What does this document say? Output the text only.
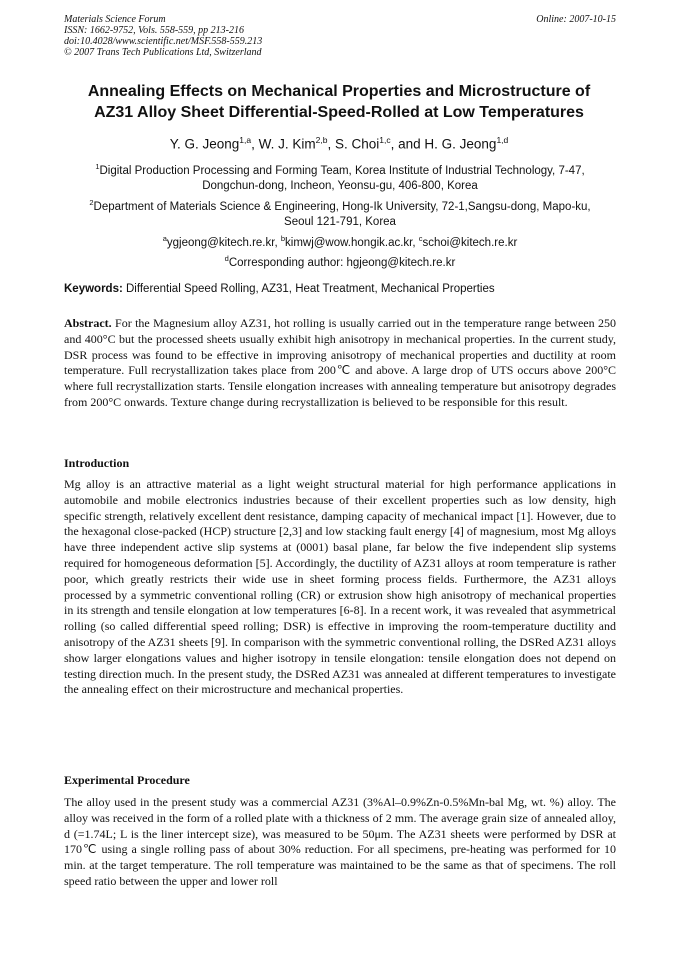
Materials Science Forum	Online: 2007-10-15
ISSN: 1662-9752, Vols. 558-559, pp 213-216
doi:10.4028/www.scientific.net/MSF.558-559.213
© 2007 Trans Tech Publications Ltd, Switzerland
Annealing Effects on Mechanical Properties and Microstructure of
AZ31 Alloy Sheet Differential-Speed-Rolled at Low Temperatures
Y. G. Jeong$^{1,a}$, W. J. Kim$^{2,b}$, S. Choi$^{1,c}$, and H. G. Jeong$^{1,d}$
$^1$Digital Production Processing and Forming Team, Korea Institute of Industrial Technology, 7-47,
Dongchun-dong, Incheon, Yeonsu-gu, 406-800, Korea
$^2$Department of Materials Science & Engineering, Hong-Ik University, 72-1,Sangsu-dong, Mapo-ku,
Seoul 121-791, Korea
$^a$ygjeong@kitech.re.kr, $^b$kimwj@wow.hongik.ac.kr, $^c$schoi@kitech.re.kr
$^d$Corresponding author: hgjeong@kitech.re.kr
Keywords: Differential Speed Rolling, AZ31, Heat Treatment, Mechanical Properties
Abstract. For the Magnesium alloy AZ31, hot rolling is usually carried out in the temperature range between 250 and 400°C but the processed sheets usually exhibit high anisotropy in mechanical properties. In the current study, DSR process was found to be effective in improving anisotropy of mechanical properties and ductility at room temperature. Full recrystallization takes place from 200℃ and above. A large drop of UTS occurs above 200°C where full recrystallization starts. Tensile elongation increases with annealing temperature but anisotropy degrades from 200°C onwards. Texture change during recrystallization is believed to be responsible for this result.
Introduction
Mg alloy is an attractive material as a light weight structural material for high performance applications in automobile and mobile electronics industries because of their excellent properties such as low density, high specific strength, relatively excellent dent resistance, damping capacity of mechanical impact [1]. However, due to the hexagonal close-packed (HCP) structure [2,3] and low stacking fault energy [4] of magnesium, most Mg alloys have three independent active slip systems at (0001) basal plane, far below the five independent slip systems required for homogeneous deformation [5]. Accordingly, the ductility of AZ31 alloys at room temperature is rather poor, which greatly restricts their wide use in sheet forming process fields. Furthermore, the AZ31 alloys processed by a symmetric conventional rolling (CR) or extrusion show high anisotropy of mechanical properties in its strength and tensile elongation at low temperatures [6-8]. In a recent work, it was revealed that asymmetrical rolling (so called differential speed rolling; DSR) is effective in improving the room-temperature ductility and anisotropy of the AZ31 sheets [9]. In comparison with the symmetric conventional rolling, the DSRed AZ31 alloys show larger elongations values and higher isotropy in tensile elongation: tensile elongation does not depend on testing direction much. In the present study, the DSRed AZ31 was annealed at different temperatures to investigate the annealing effect on their microstructure and mechanical properties.
Experimental Procedure
The alloy used in the present study was a commercial AZ31 (3%Al–0.9%Zn-0.5%Mn-bal Mg, wt. %) alloy. The alloy was received in the form of a rolled plate with a thickness of 2 mm. The average grain size of annealed alloy, d (=1.74L; L is the liner intercept size), was measured to be 50μm. The AZ31 sheets were performed by DSR at 170℃ using a single rolling pass of about 30% reduction. For all specimens, pre-heating was performed for 10 min. at the target temperature. The roll temperature was maintained to be the same as that of specimens. The roll speed ratio between the upper and lower roll
